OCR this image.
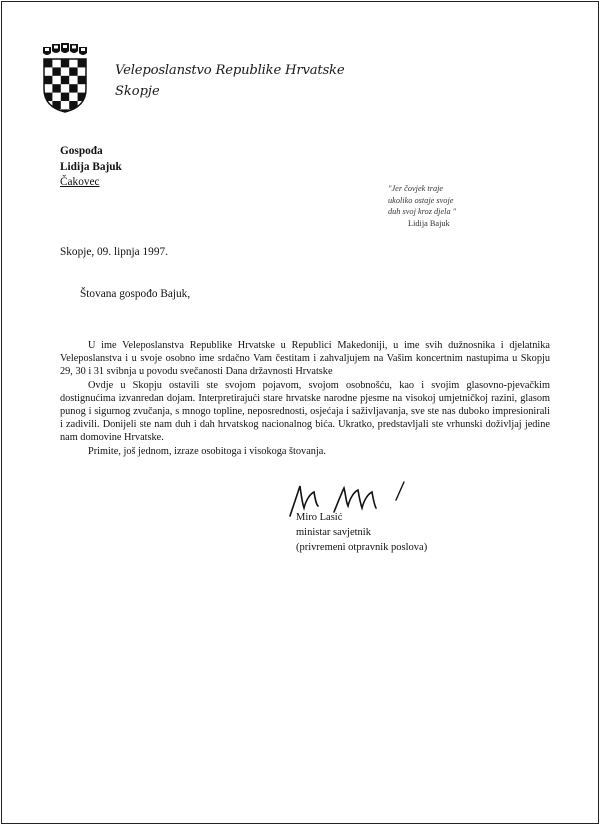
Veleposlanstvo Republike Hrvatske
Skopje
Gospođa
Lidija Bajuk
Čakovec
"Jer čovjek traje
ukoliko ostaje svoje
duh svoj kroz djela "
Lidija Bajuk
Skopje, 09. lipnja 1997.
Štovana gospođo Bajuk,

U ime Veleposlanstva Republike Hrvatske u Republici Makedoniji, u ime svih dužnosnika i djelatnika Veleposlanstva i u svoje osobno ime srdačno Vam čestitam i zahvaljujem na Vašim koncertnim nastupima u Skopju 29, 30 i 31 svibnja u povodu svečanosti Dana državnosti Hrvatske

Ovdje u Skopju ostavili ste svojom pojavom, svojom osobnošću, kao i svojim glasovno-pjevačkim dostignućima izvanredan dojam. Interpretirajući stare hrvatske narodne pjesme na visokoj umjetničkoj razini, glasom punog i sigurnog zvučanja, s mnogo topline, neposrednosti, osjećaja i saživljavanja, sve ste nas duboko impresionirali i zadivili. Donijeli ste nam duh i dah hrvatskog nacionalnog bića. Ukratko, predstavljali ste vrhunski doživljaj jedine nam domovine Hrvatske.

Primite, još jednom, izraze osobitoga i visokoga štovanja.

Miro Lasić
ministar savjetnik
(privremeni otpravnik poslova)
